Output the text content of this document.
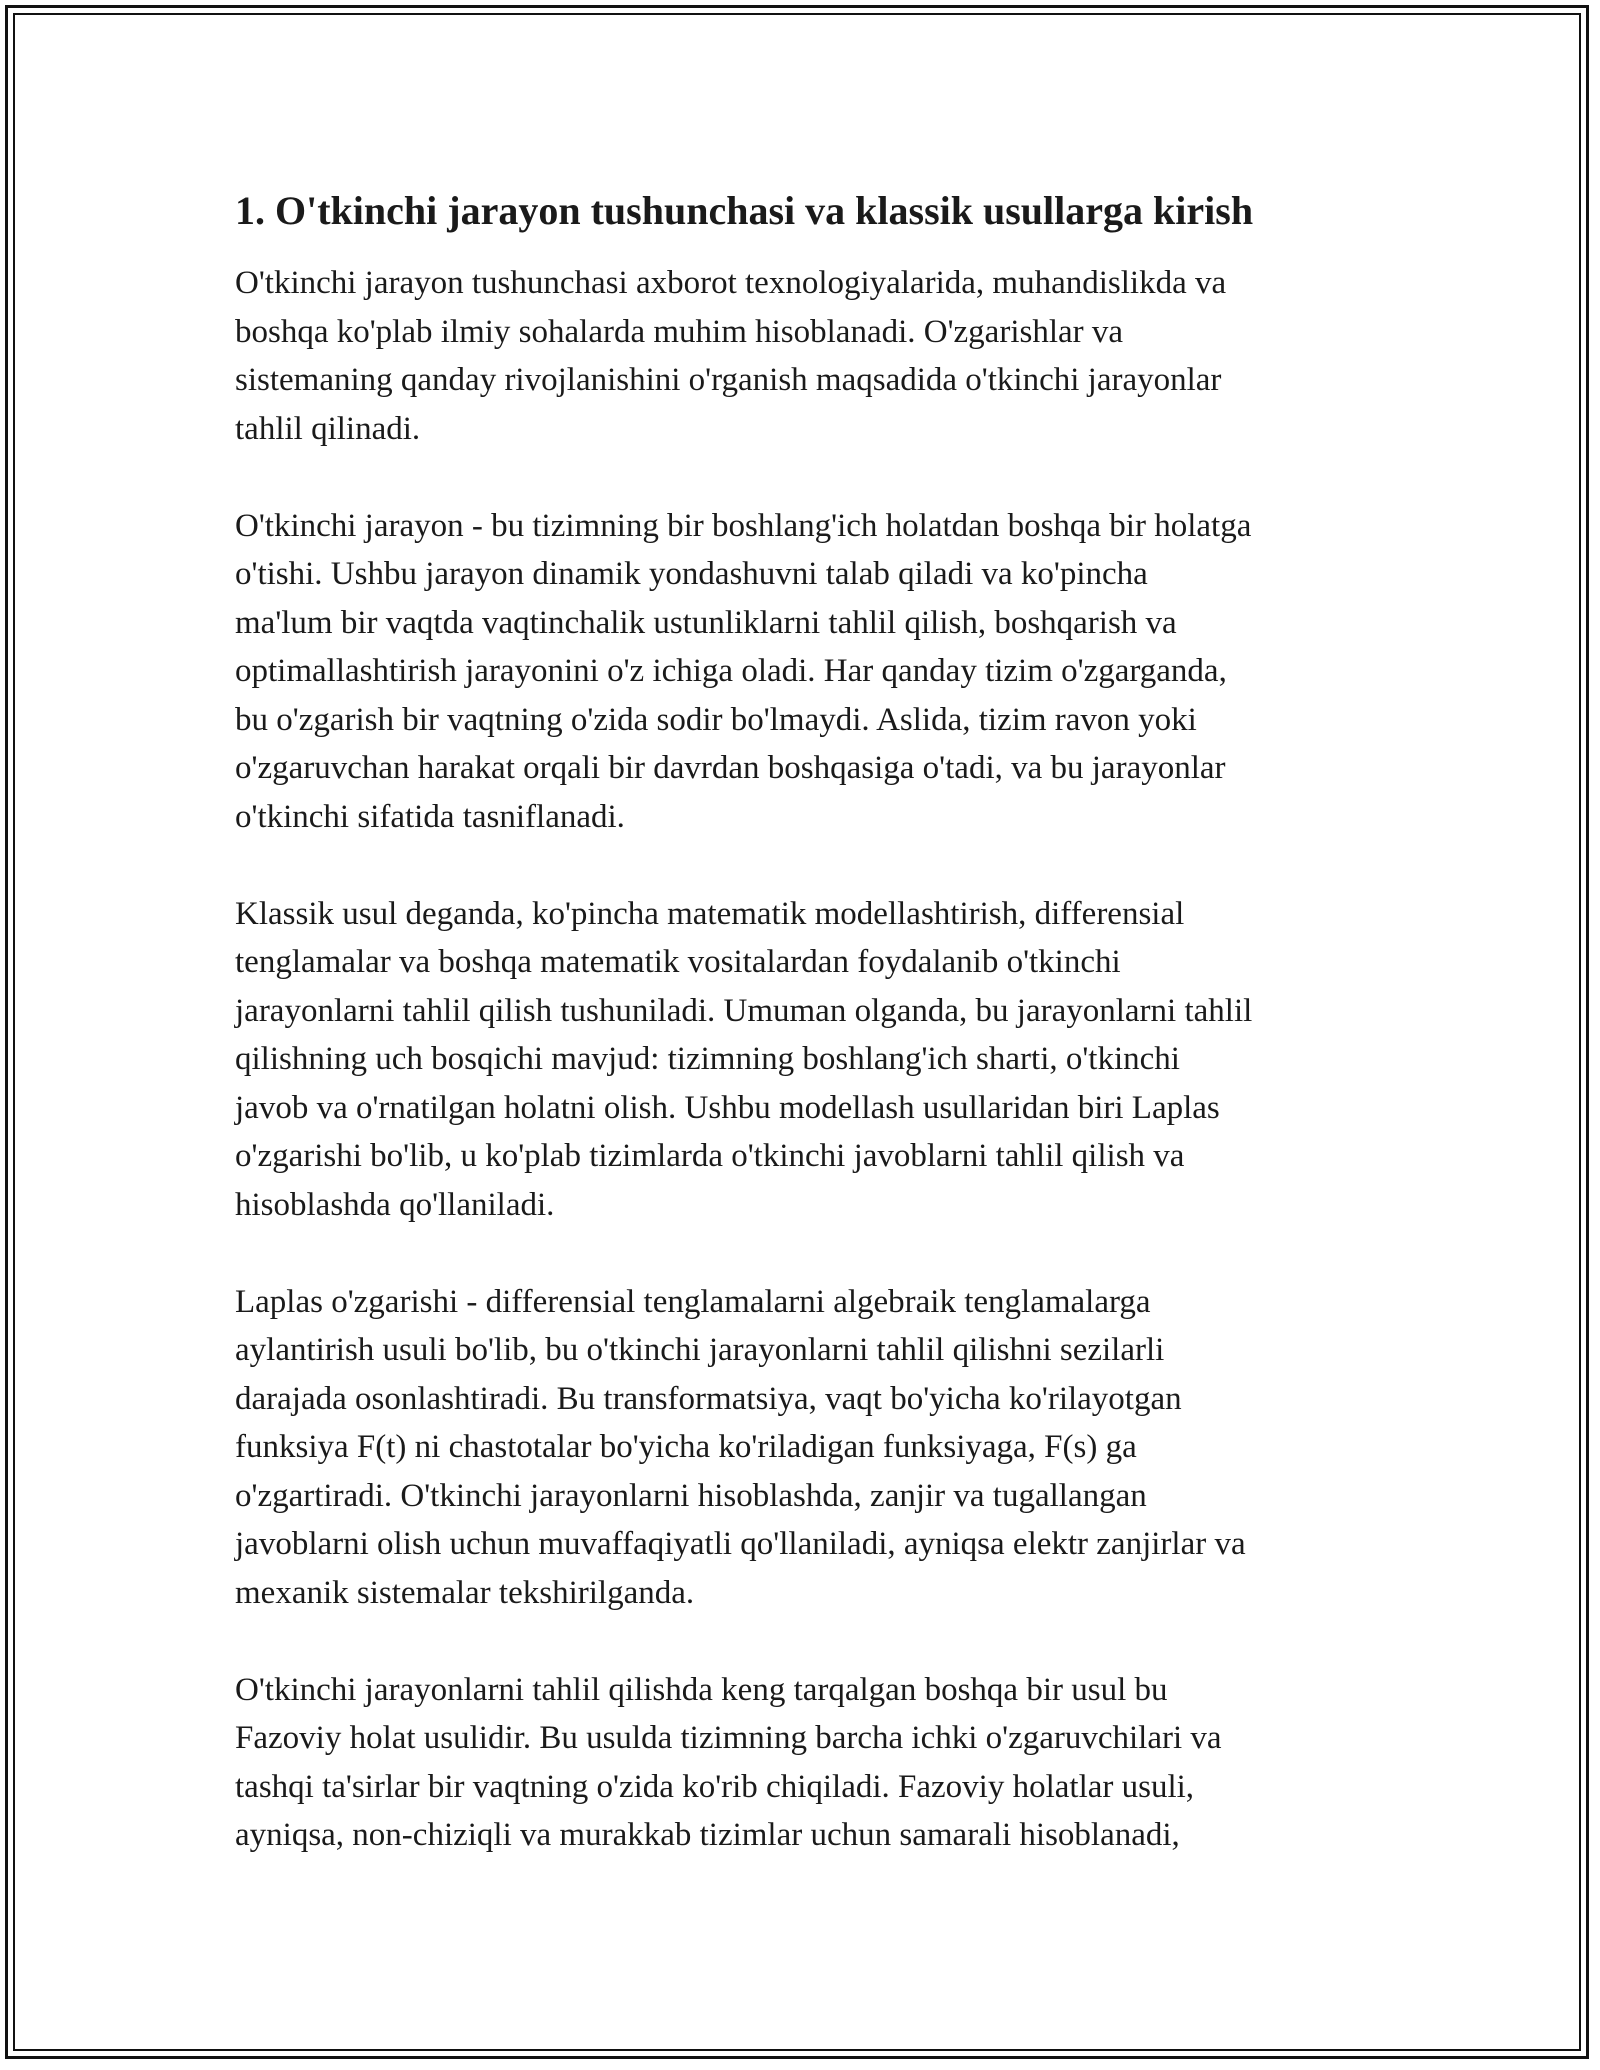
1. O'tkinchi jarayon tushunchasi va klassik usullarga kirish

O'tkinchi jarayon tushunchasi axborot texnologiyalarida, muhandislikda va
boshqa ko'plab ilmiy sohalarda muhim hisoblanadi. O'zgarishlar va
sistemaning qanday rivojlanishini o'rganish maqsadida o'tkinchi jarayonlar
tahlil qilinadi.

O'tkinchi jarayon - bu tizimning bir boshlang'ich holatdan boshqa bir holatga
o'tishi. Ushbu jarayon dinamik yondashuvni talab qiladi va ko'pincha
ma'lum bir vaqtda vaqtinchalik ustunliklarni tahlil qilish, boshqarish va
optimallashtirish jarayonini o'z ichiga oladi. Har qanday tizim o'zgarganda,
bu o'zgarish bir vaqtning o'zida sodir bo'lmaydi. Aslida, tizim ravon yoki
o'zgaruvchan harakat orqali bir davrdan boshqasiga o'tadi, va bu jarayonlar
o'tkinchi sifatida tasniflanadi.

Klassik usul deganda, ko'pincha matematik modellashtirish, differensial
tenglamalar va boshqa matematik vositalardan foydalanib o'tkinchi
jarayonlarni tahlil qilish tushuniladi. Umuman olganda, bu jarayonlarni tahlil
qilishning uch bosqichi mavjud: tizimning boshlang'ich sharti, o'tkinchi
javob va o'rnatilgan holatni olish. Ushbu modellash usullaridan biri Laplas
o'zgarishi bo'lib, u ko'plab tizimlarda o'tkinchi javoblarni tahlil qilish va
hisoblashda qo'llaniladi.

Laplas o'zgarishi - differensial tenglamalarni algebraik tenglamalarga
aylantirish usuli bo'lib, bu o'tkinchi jarayonlarni tahlil qilishni sezilarli
darajada osonlashtiradi. Bu transformatsiya, vaqt bo'yicha ko'rilayotgan
funksiya F(t) ni chastotalar bo'yicha ko'riladigan funksiyaga, F(s) ga
o'zgartiradi. O'tkinchi jarayonlarni hisoblashda, zanjir va tugallangan
javoblarni olish uchun muvaffaqiyatli qo'llaniladi, ayniqsa elektr zanjirlar va
mexanik sistemalar tekshirilganda.

O'tkinchi jarayonlarni tahlil qilishda keng tarqalgan boshqa bir usul bu
Fazoviy holat usulidir. Bu usulda tizimning barcha ichki o'zgaruvchilari va
tashqi ta'sirlar bir vaqtning o'zida ko'rib chiqiladi. Fazoviy holatlar usuli,
ayniqsa, non-chiziqli va murakkab tizimlar uchun samarali hisoblanadi,
